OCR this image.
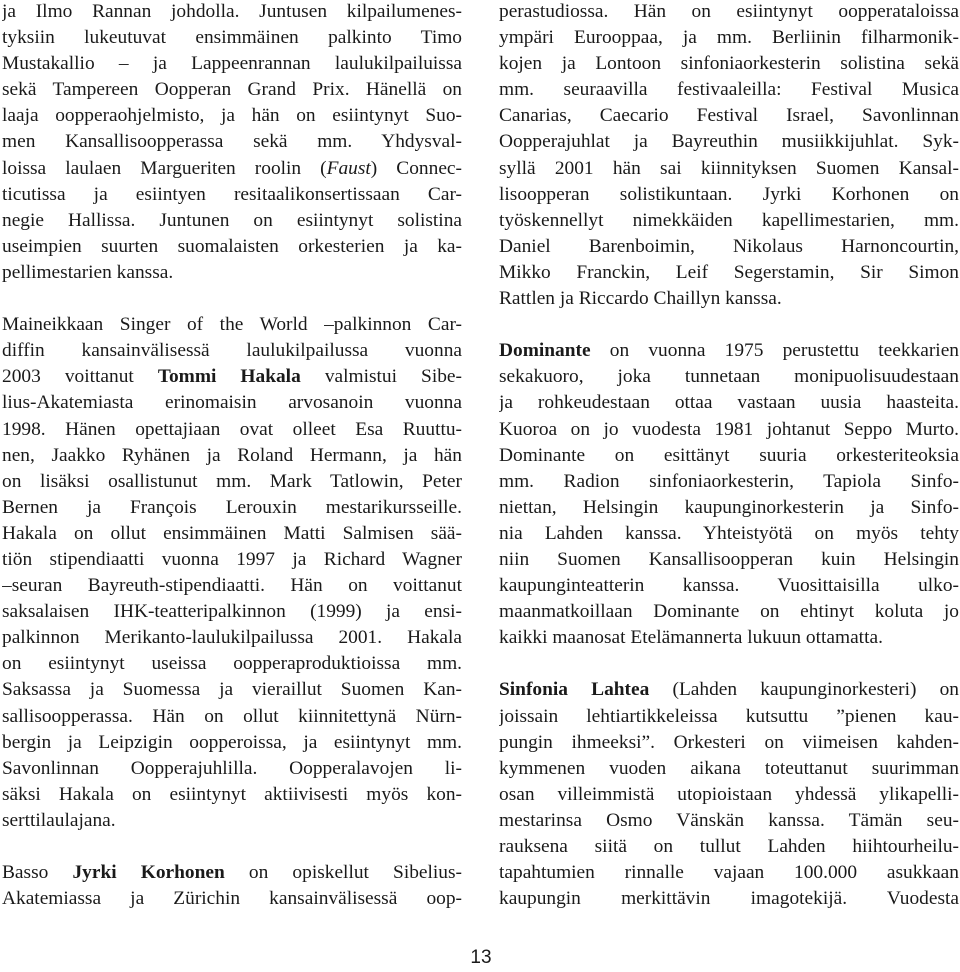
ja Ilmo Rannan johdolla. Juntusen kilpailumenes-
tyksiin lukeutuvat ensimmäinen palkinto Timo
Mustakallio – ja Lappeenrannan laulukilpailuissa
sekä Tampereen Oopperan Grand Prix. Hänellä on
laaja oopperaohjelmisto, ja hän on esiintynyt Suo-
men Kansallisoopperassa sekä mm. Yhdysval-
loissa laulaen Margueriten roolin (Faust) Connec-
ticutissa ja esiintyen resitaalikonsertissaan Car-
negie Hallissa. Juntunen on esiintynyt solistina
useimpien suurten suomalaisten orkesterien ja ka-
pellimestarien kanssa.
Maineikkaan Singer of the World –palkinnon Car-
diffin kansainvälisessä laulukilpailussa vuonna
2003 voittanut Tommi Hakala valmistui Sibe-
lius-Akatemiasta erinomaisin arvosanoin vuonna
1998. Hänen opettajiaan ovat olleet Esa Ruuttu-
nen, Jaakko Ryhänen ja Roland Hermann, ja hän
on lisäksi osallistunut mm. Mark Tatlowin, Peter
Bernen ja François Lerouxin mestarikursseille.
Hakala on ollut ensimmäinen Matti Salmisen sää-
tiön stipendiaatti vuonna 1997 ja Richard Wagner
–seuran Bayreuth-stipendiaatti. Hän on voittanut
saksalaisen IHK-teatteripalkinnon (1999) ja ensi-
palkinnon Merikanto-laulukilpailussa 2001. Hakala
on esiintynyt useissa oopperaproduktioissa mm.
Saksassa ja Suomessa ja vieraillut Suomen Kan-
sallisoopperassa. Hän on ollut kiinnitettynä Nürn-
bergin ja Leipzigin oopperoissa, ja esiintynyt mm.
Savonlinnan Oopperajuhlilla. Oopperalavojen li-
säksi Hakala on esiintynyt aktiivisesti myös kon-
serttilaulajana.
Basso Jyrki Korhonen on opiskellut Sibelius-
Akatemiassa ja Zürichin kansainvälisessä oop-
perastudiossa. Hän on esiintynyt oopperataloissa
ympäri Eurooppaa, ja mm. Berliinin filharmonik-
kojen ja Lontoon sinfoniaorkesterin solistina sekä
mm. seuraavilla festivaaleilla: Festival Musica
Canarias, Caecario Festival Israel, Savonlinnan
Oopperajuhlat ja Bayreuthin musiikkijuhlat. Syk-
syllä 2001 hän sai kiinnityksen Suomen Kansal-
lisoopperan solistikuntaan. Jyrki Korhonen on
työskennellyt nimekkäiden kapellimestarien, mm.
Daniel Barenboimin, Nikolaus Harnoncourtin,
Mikko Franckin, Leif Segerstamin, Sir Simon
Rattlen ja Riccardo Chaillyn kanssa.
Dominante on vuonna 1975 perustettu teekkarien
sekakuoro, joka tunnetaan monipuolisuudestaan
ja rohkeudestaan ottaa vastaan uusia haasteita.
Kuoroa on jo vuodesta 1981 johtanut Seppo Murto.
Dominante on esittänyt suuria orkesteriteoksia
mm. Radion sinfoniaorkesterin, Tapiola Sinfo-
niettan, Helsingin kaupunginorkesterin ja Sinfo-
nia Lahden kanssa. Yhteistyötä on myös tehty
niin Suomen Kansallisoopperan kuin Helsingin
kaupunginteatterin kanssa. Vuosittaisilla ulko-
maanmatkoillaan Dominante on ehtinyt koluta jo
kaikki maanosat Etelämannerta lukuun ottamatta.
Sinfonia Lahtea (Lahden kaupunginorkesteri) on
joissain lehtiartikkeleissa kutsuttu ”pienen kau-
pungin ihmeeksi”. Orkesteri on viimeisen kahden-
kymmenen vuoden aikana toteuttanut suurimman
osan villeimmistä utopioistaan yhdessä ylikapelli-
mestarinsa Osmo Vänskän kanssa. Tämän seu-
rauksena siitä on tullut Lahden hiihtourheilu-
tapahtumien rinnalle vajaan 100.000 asukkaan
kaupungin merkittävin imagotekijä. Vuodesta
13
